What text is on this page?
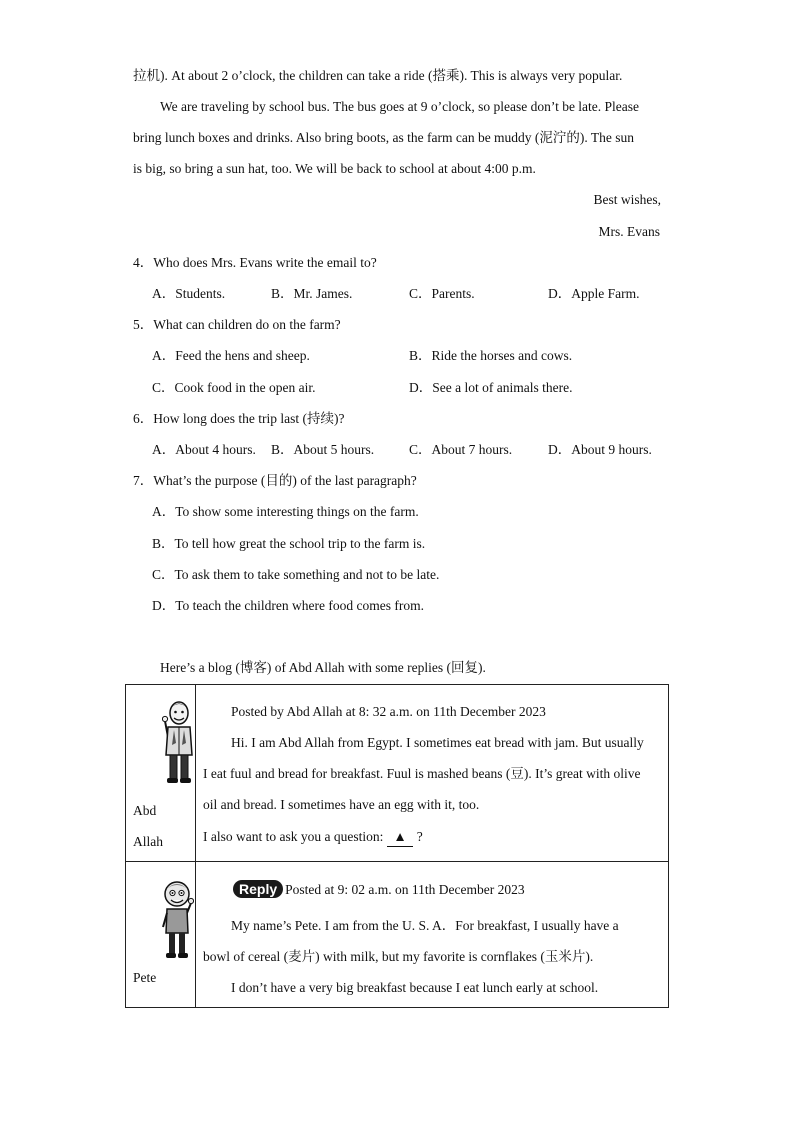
拉机). At about 2 o’clock, the children can take a ride (搭乘). This is always very popular.
We are traveling by school bus. The bus goes at 9 o’clock, so please don’t be late. Please
bring lunch boxes and drinks. Also bring boots, as the farm can be muddy (泥泞的). The sun
is big, so bring a sun hat, too. We will be back to school at about 4:00 p.m.
Best wishes,
Mrs. Evans
4．Who does Mrs. Evans write the email to?
A．Students.	B．Mr. James.	C．Parents.	D．Apple Farm.
5．What can children do on the farm?
A．Feed the hens and sheep.	B．Ride the horses and cows.
C．Cook food in the open air.	D．See a lot of animals there.
6．How long does the trip last (持续)?
A．About 4 hours. B．About 5 hours.	C．About 7 hours.	D．About 9 hours.
7．What’s the purpose (目的) of the last paragraph?
A．To show some interesting things on the farm.
B．To tell how great the school trip to the farm is.
C．To ask them to take something and not to be late.
D．To teach the children where food comes from.
Here’s a blog (博客) of Abd Allah with some replies (回复).
Abd
Allah
Posted by Abd Allah at 8: 32 a.m. on 11th December 2023
Hi. I am Abd Allah from Egypt. I sometimes eat bread with jam. But usually
I eat fuul and bread for breakfast. Fuul is mashed beans (豆). It’s great with olive
oil and bread. I sometimes have an egg with it, too.
I also want to ask you a question: ▲ ?
Pete
Reply Posted at 9: 02 a.m. on 11th December 2023
My name’s Pete. I am from the U. S. A．For breakfast, I usually have a
bowl of cereal (麦片) with milk, but my favorite is cornflakes (玉米片).
I don’t have a very big breakfast because I eat lunch early at school.
